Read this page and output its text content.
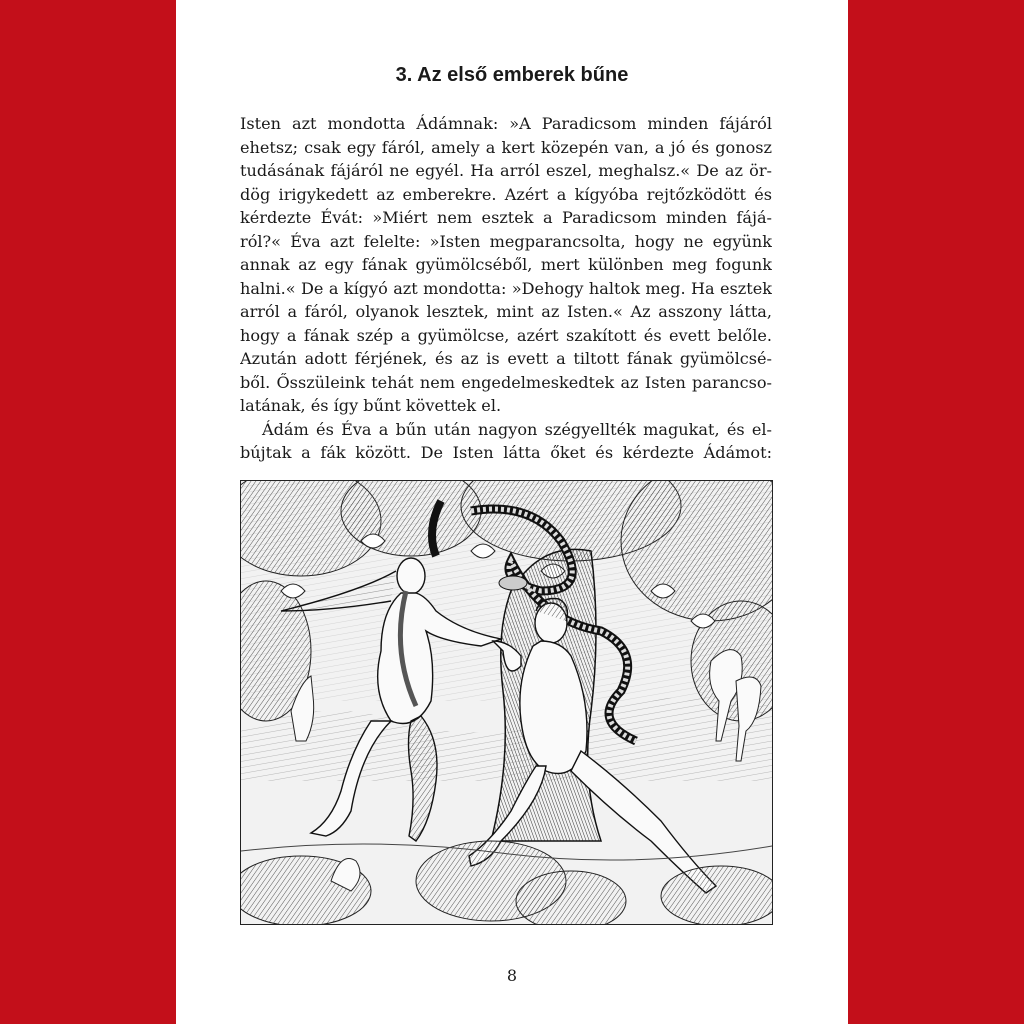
3. Az első emberek bűne
Isten azt mondotta Ádámnak: »A Paradicsom minden fájáról
ehetsz; csak egy fáról, amely a kert közepén van, a jó és gonosz
tudásának fájáról ne egyél. Ha arról eszel, meghalsz.« De az ör-
dög irigykedett az emberekre. Azért a kígyóba rejtőzködött és
kérdezte Évát: »Miért nem esztek a Paradicsom minden fájá-
ról?« Éva azt felelte: »Isten megparancsolta, hogy ne együnk
annak az egy fának gyümölcséből, mert különben meg fogunk
halni.« De a kígyó azt mondotta: »Dehogy haltok meg. Ha esztek
arról a fáról, olyanok lesztek, mint az Isten.« Az asszony látta,
hogy a fának szép a gyümölcse, azért szakított és evett belőle.
Azután adott férjének, és az is evett a tiltott fának gyümölcsé-
ből. Ősszüleink tehát nem engedelmeskedtek az Isten parancso-
latának, és így bűnt követtek el.
Ádám és Éva a bűn után nagyon szégyellték magukat, és el-
bújtak a fák között. De Isten látta őket és kérdezte Ádámot:
8
